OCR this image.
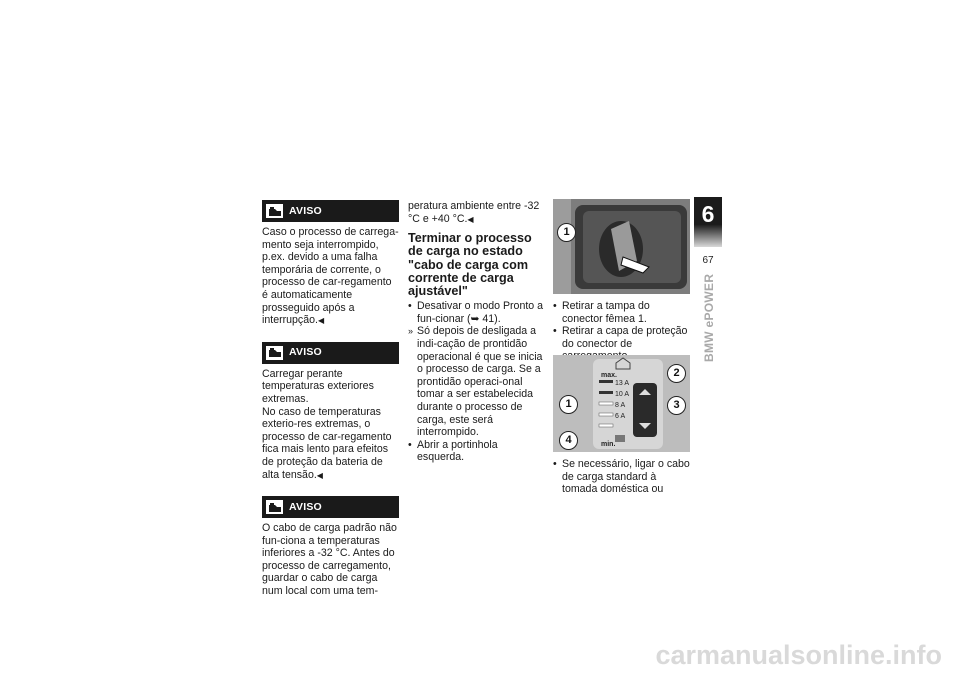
AVISO

Caso o processo de carrega-mento seja interrompido, p.ex. devido a uma falha temporária de corrente, o processo de car-regamento é automaticamente prosseguido após a interrupção.◀

AVISO

Carregar perante temperaturas exteriores extremas.

No caso de temperaturas exterio-res extremas, o processo de car-regamento fica mais lento para efeitos de proteção da bateria de alta tensão.◀

AVISO

O cabo de carga padrão não fun-ciona a temperaturas inferiores a -32 °C. Antes do processo de carregamento, guardar o cabo de carga num local com uma tem-

peratura ambiente entre -32 °C e +40 °C.◀

Terminar o processo de carga no estado "cabo de carga com corrente de carga ajustável"
• Desativar o modo Pronto a fun-cionar (➥ 41).
» Só depois de desligada a indi-cação de prontidão operacional é que se inicia o processo de carga. Se a prontidão operaci-onal tomar a ser estabelecida durante o processo de carga, este será interrompido.
• Abrir a portinhola esquerda.
1
• Retirar a tampa do conector fêmea 1.
• Retirar a capa de proteção do conector de
max.
13 A
10 A
8 A
6 A
min.
1
2
3
4
• Se necessário, ligar o cabo de carga standard à tomada doméstica ou
6
67
BMW ePOWER
carmanualsonline.info
